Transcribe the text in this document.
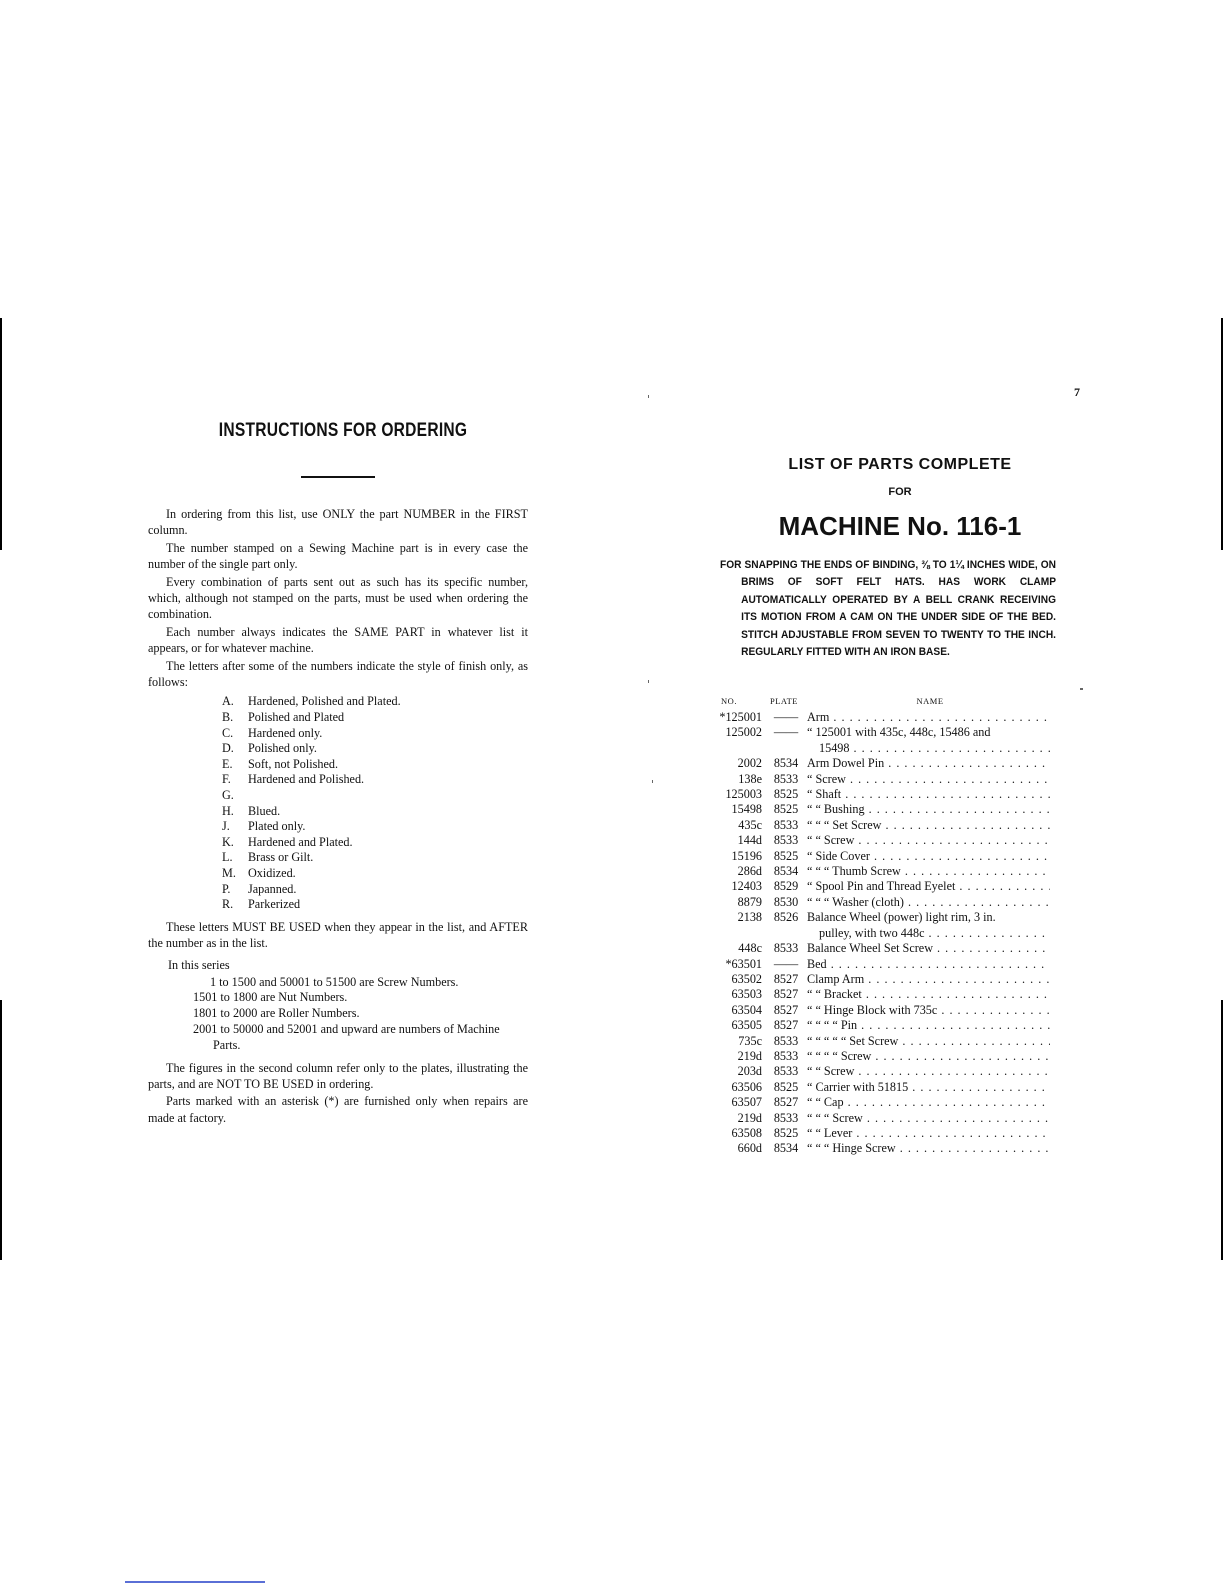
INSTRUCTIONS FOR ORDERING

In ordering from this list, use ONLY the part NUMBER in the FIRST column.

The number stamped on a Sewing Machine part is in every case the number of the single part only.

Every combination of parts sent out as such has its specific number, which, although not stamped on the parts, must be used when ordering the combination.

Each number always indicates the SAME PART in whatever list it appears, or for whatever machine.

The letters after some of the numbers indicate the style of finish only, as follows:

A.	Hardened, Polished and Plated.
B.	Polished and Plated
C.	Hardened only.
D.	Polished only.
E.	Soft, not Polished.
F.	Hardened and Polished.
G.
H.	Blued.
J.	Plated only.
K.	Hardened and Plated.
L.	Brass or Gilt.
M. Oxidized.
P.	Japanned.
R.	Parkerized

These letters MUST BE USED when they appear in the list, and AFTER the number as in the list.

In this series
1 to 1500 and 50001 to 51500 are Screw Numbers.
1501 to 1800 are Nut Numbers.
1801 to 2000 are Roller Numbers.
2001 to 50000 and 52001 and upward are numbers of Machine Parts.

The figures in the second column refer only to the plates, illustrating the parts, and are NOT TO BE USED in ordering.

Parts marked with an asterisk (*) are furnished only when repairs are made at factory.

7
LIST OF PARTS COMPLETE
FOR
MACHINE No. 116-1
FOR SNAPPING THE ENDS OF BINDING, ⅜ TO 1¼ INCHES WIDE, ON BRIMS OF SOFT FELT HATS. HAS WORK CLAMP AUTOMATICALLY OPERATED BY A BELL CRANK RECEIVING ITS MOTION FROM A CAM ON THE UNDER SIDE OF THE BED. STITCH ADJUSTABLE FROM SEVEN TO TWENTY TO THE INCH. REGULARLY FITTED WITH AN IRON BASE.
NO.	PLATE	NAME
*125001 —— Arm . . .
125002 —— “ 125001 with 435c, 448c, 15486 and
15498 . . .
2002 8534 Arm Dowel Pin . . .
138e 8533 “ Screw . . .
125003 8525 “ Shaft . . .
15498 8525 “ “ Bushing . . .
435c 8533 “ “ “ Set Screw . . .
144d 8533 “ “ Screw . . .
15196 8525 “ Side Cover . . .
286d 8534 “ “ “ Thumb Screw . . .
12403 8529 “ Spool Pin and Thread Eyelet . . .
8879 8530 “ “ “ Washer (cloth) . . .
2138 8526 Balance Wheel (power) light rim, 3 in.
pulley, with two 448c . . .
448c 8533 Balance Wheel Set Screw . . .
*63501 —— Bed . . .
63502 8527 Clamp Arm . . .
63503 8527 “ “ Bracket . . .
63504 8527 “ “ Hinge Block with 735c . . .
63505 8527 “ “ “ “ Pin . . .
735c 8533 “ “ “ “ “ Set Screw . . .
219d 8533 “ “ “ “ Screw . . .
203d 8533 “ “ Screw . . .
63506 8525 “ Carrier with 51815 . . .
63507 8527 “ “ Cap . . .
219d 8533 “ “ “ Screw . . .
63508 8525 “ “ Lever . . .
660d 8534 “ “ “ Hinge Screw . . .
